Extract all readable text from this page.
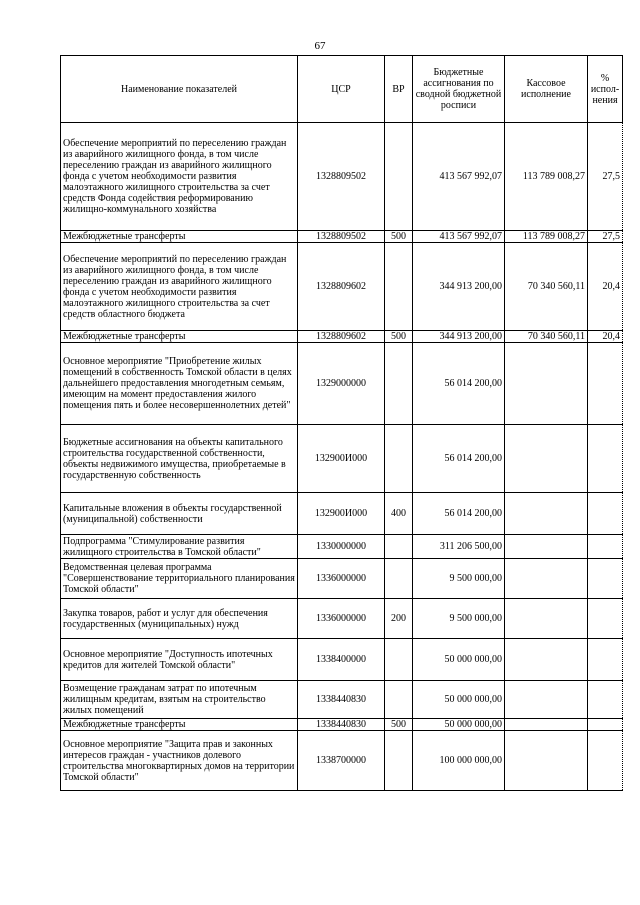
67
Наименование показателей	ЦСР	ВР	Бюджетные ассигнования по сводной бюджетной росписи	Кассовое исполнение	% испол- нения
Обеспечение мероприятий по переселению граждан из аварийного жилищного фонда, в том числе переселению граждан из аварийного жилищного фонда с учетом необходимости развития малоэтажного жилищного строительства за счет средств Фонда содействия реформированию жилищно-коммунального хозяйства	1328809502		413 567 992,07	113 789 008,27	27,5
Межбюджетные трансферты	1328809502	500	413 567 992,07	113 789 008,27	27,5
Обеспечение мероприятий по переселению граждан из аварийного жилищного фонда, в том числе переселению граждан из аварийного жилищного фонда с учетом необходимости развития малоэтажного жилищного строительства за счет средств областного бюджета	1328809602		344 913 200,00	70 340 560,11	20,4
Межбюджетные трансферты	1328809602	500	344 913 200,00	70 340 560,11	20,4
Основное мероприятие "Приобретение жилых помещений в собственность Томской области в целях дальнейшего предоставления многодетным семьям, имеющим на момент предоставления жилого помещения пять и более несовершеннолетних детей"	1329000000		56 014 200,00		
Бюджетные ассигнования на объекты капитального строительства государственной собственности, объекты недвижимого имущества, приобретаемые в государственную собственность	132900И000		56 014 200,00		
Капитальные вложения в объекты государственной (муниципальной) собственности	132900И000	400	56 014 200,00		
Подпрограмма "Стимулирование развития жилищного строительства в Томской области"	1330000000		311 206 500,00		
Ведомственная целевая программа "Совершенствование территориального планирования Томской области"	1336000000		9 500 000,00		
Закупка товаров, работ и услуг для обеспечения государственных (муниципальных) нужд	1336000000	200	9 500 000,00		
Основное мероприятие "Доступность ипотечных кредитов для жителей Томской области"	1338400000		50 000 000,00		
Возмещение гражданам затрат по ипотечным жилищным кредитам, взятым на строительство жилых помещений	1338440830		50 000 000,00		
Межбюджетные трансферты	1338440830	500	50 000 000,00		
Основное мероприятие "Защита прав и законных интересов граждан - участников долевого строительства многоквартирных домов на территории Томской области"	1338700000		100 000 000,00		
